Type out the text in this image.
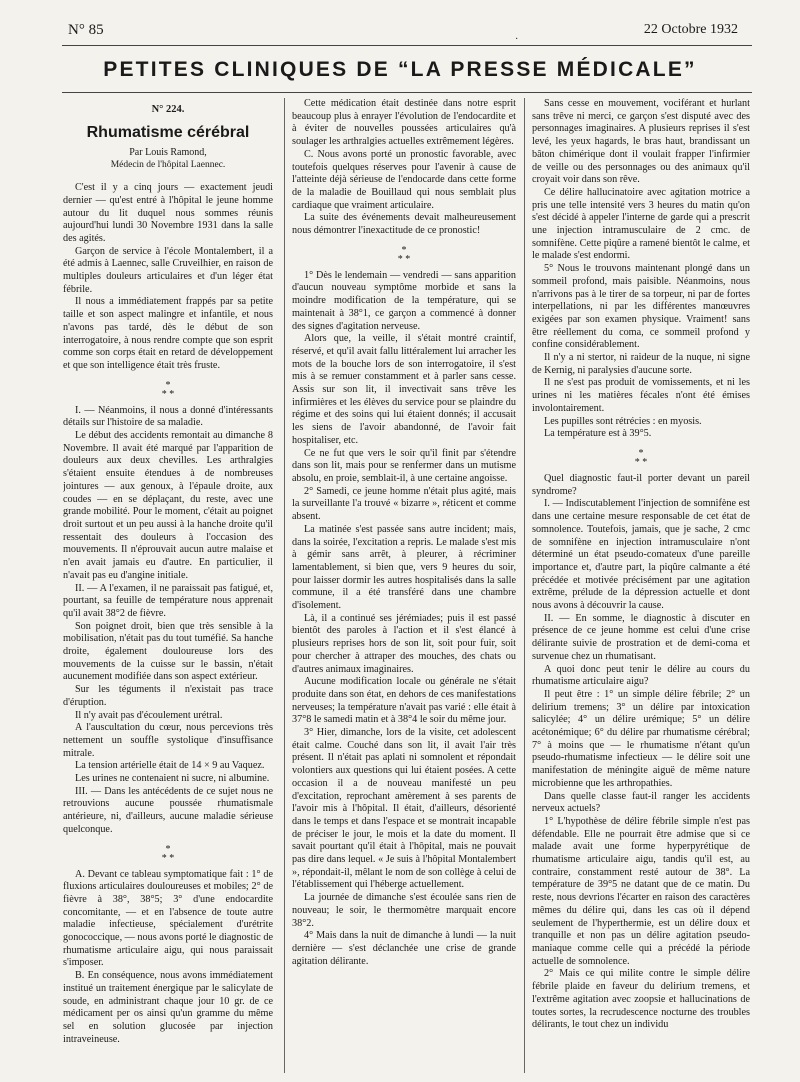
N° 85
·
22 Octobre 1932
PETITES CLINIQUES DE “LA PRESSE MÉDICALE”
N° 224.
Rhumatisme cérébral
Par Louis Ramond,
Médecin de l'hôpital Laennec.

C'est il y a cinq jours — exactement jeudi dernier — qu'est entré à l'hôpital le jeune homme autour du lit duquel nous sommes réunis aujourd'hui lundi 30 Novembre 1931 dans la salle des agités.

Garçon de service à l'école Montalembert, il a été admis à Laennec, salle Cruveilhier, en raison de multiples douleurs articulaires et d'un léger état fébrile.

Il nous a immédiatement frappés par sa petite taille et son aspect malingre et infantile, et nous n'avons pas tardé, dès le début de son interrogatoire, à nous rendre compte que son esprit comme son corps était en retard de développement et que son intelligence était très fruste.

*
* *

I. — Néanmoins, il nous a donné d'intéressants détails sur l'histoire de sa maladie.

Le début des accidents remontait au dimanche 8 Novembre. Il avait été marqué par l'apparition de douleurs aux deux chevilles. Les arthralgies s'étaient ensuite étendues à de nombreuses jointures — aux genoux, à l'épaule droite, aux coudes — en se déplaçant, du reste, avec une grande mobilité. Pour le moment, c'était au poignet droit surtout et un peu aussi à la hanche droite qu'il ressentait des douleurs à l'occasion des mouvements. Il n'éprouvait aucun autre malaise et n'en avait jamais eu d'autre. En particulier, il n'avait pas eu d'angine initiale.

II. — A l'examen, il ne paraissait pas fatigué, et, pourtant, sa feuille de température nous apprenait qu'il avait 38°2 de fièvre.

Son poignet droit, bien que très sensible à la mobilisation, n'était pas du tout tuméfié. Sa hanche droite, également douloureuse lors des mouvements de la cuisse sur le bassin, n'était aucunement modifiée dans son aspect extérieur.

Sur les téguments il n'existait pas trace d'éruption.

Il n'y avait pas d'écoulement urétral.

A l'auscultation du cœur, nous percevions très nettement un souffle systolique d'insuffisance mitrale.

La tension artérielle était de 14 × 9 au Vaquez.

Les urines ne contenaient ni sucre, ni albumine.

III. — Dans les antécédents de ce sujet nous ne retrouvions aucune poussée rhumatismale antérieure, ni, d'ailleurs, aucune maladie sérieuse quelconque.

*
* *

A. Devant ce tableau symptomatique fait : 1° de fluxions articulaires douloureuses et mobiles; 2° de fièvre à 38°, 38°5; 3° d'une endocardite concomitante, — et en l'absence de toute autre maladie infectieuse, spécialement d'urétrite gonococcique, — nous avons porté le diagnostic de rhumatisme articulaire aigu, qui nous paraissait s'imposer.

B. En conséquence, nous avons immédiatement institué un traitement énergique par le salicylate de soude, en administrant chaque jour 10 gr. de ce médicament per os ainsi qu'un gramme du même sel en solution glucosée par injection intraveineuse.

Cette médication était destinée dans notre esprit beaucoup plus à enrayer l'évolution de l'endocardite et à éviter de nouvelles poussées articulaires qu'à soulager les arthralgies actuelles extrêmement légères.

C. Nous avons porté un pronostic favorable, avec toutefois quelques réserves pour l'avenir à cause de l'atteinte déjà sérieuse de l'endocarde dans cette forme de la maladie de Bouillaud qui nous semblait plus cardiaque que vraiment articulaire.

La suite des événements devait malheureusement nous démontrer l'inexactitude de ce pronostic!

*
* *

1° Dès le lendemain — vendredi — sans apparition d'aucun nouveau symptôme morbide et sans la moindre modification de la température, qui se maintenait à 38°1, ce garçon a commencé à donner des signes d'agitation nerveuse.

Alors que, la veille, il s'était montré craintif, réservé, et qu'il avait fallu littéralement lui arracher les mots de la bouche lors de son interrogatoire, il s'est mis à se remuer constamment et à parler sans cesse. Assis sur son lit, il invectivait sans trêve les infirmières et les élèves du service pour se plaindre du régime et des soins qui lui étaient donnés; il accusait les siens de l'avoir abandonné, de l'avoir fait hospitaliser, etc.

Ce ne fut que vers le soir qu'il finit par s'étendre dans son lit, mais pour se renfermer dans un mutisme absolu, en proie, semblait-il, à une certaine angoisse.

2° Samedi, ce jeune homme n'était plus agité, mais la surveillante l'a trouvé « bizarre », réticent et comme absent.

La matinée s'est passée sans autre incident; mais, dans la soirée, l'excitation a repris. Le malade s'est mis à gémir sans arrêt, à pleurer, à récriminer lamentablement, si bien que, vers 9 heures du soir, pour laisser dormir les autres hospitalisés dans la salle commune, il a été transféré dans une chambre d'isolement.

Là, il a continué ses jérémiades; puis il est passé bientôt des paroles à l'action et il s'est élancé à plusieurs reprises hors de son lit, soit pour fuir, soit pour chercher à attraper des mouches, des chats ou d'autres animaux imaginaires.

Aucune modification locale ou générale ne s'était produite dans son état, en dehors de ces manifestations nerveuses; la température n'avait pas varié : elle était à 37°8 le samedi matin et à 38°4 le soir du même jour.

3° Hier, dimanche, lors de la visite, cet adolescent était calme. Couché dans son lit, il avait l'air très présent. Il n'était pas aplati ni somnolent et répondait volontiers aux questions qui lui étaient posées. A cette occasion il a de nouveau manifesté un peu d'excitation, reprochant amèrement à ses parents de l'avoir mis à l'hôpital. Il était, d'ailleurs, désorienté dans le temps et dans l'espace et se montrait incapable de préciser le jour, le mois et la date du moment. Il savait pourtant qu'il était à l'hôpital, mais ne pouvait pas dire dans lequel. « Je suis à l'hôpital Montalembert », répondait-il, mêlant le nom de son collège à celui de l'établissement qui l'héberge actuellement.

La journée de dimanche s'est écoulée sans rien de nouveau; le soir, le thermomètre marquait encore 38°2.

4° Mais dans la nuit de dimanche à lundi — la nuit dernière — s'est déclanchée une crise de grande agitation délirante.

Sans cesse en mouvement, vociférant et hurlant sans trêve ni merci, ce garçon s'est disputé avec des personnages imaginaires. A plusieurs reprises il s'est levé, les yeux hagards, le bras haut, brandissant un bâton chimérique dont il voulait frapper l'infirmier de veille ou des personnages ou des animaux qu'il croyait voir dans son rêve.

Ce délire hallucinatoire avec agitation motrice a pris une telle intensité vers 3 heures du matin qu'on s'est décidé à appeler l'interne de garde qui a prescrit une injection intramusculaire de 2 cmc. de somnifène. Cette piqûre a ramené bientôt le calme, et le malade s'est endormi.

5° Nous le trouvons maintenant plongé dans un sommeil profond, mais paisible. Néanmoins, nous n'arrivons pas à le tirer de sa torpeur, ni par de fortes interpellations, ni par les différentes manœuvres exigées par son examen physique. Vraiment! sans être réellement du coma, ce sommeil profond y confine considérablement.

Il n'y a ni stertor, ni raideur de la nuque, ni signe de Kernig, ni paralysies d'aucune sorte.

Il ne s'est pas produit de vomissements, et ni les urines ni les matières fécales n'ont été émises involontairement.

Les pupilles sont rétrécies : en myosis.

La température est à 39°5.

*
* *

Quel diagnostic faut-il porter devant un pareil syndrome?

I. — Indiscutablement l'injection de somnifène est dans une certaine mesure responsable de cet état de somnolence. Toutefois, jamais, que je sache, 2 cmc de somnifène en injection intramusculaire n'ont déterminé un état pseudo-comateux d'une pareille importance et, d'autre part, la piqûre calmante a été précédée et motivée précisément par une agitation extrême, prélude de la dépression actuelle et dont nous avons à découvrir la cause.

II. — En somme, le diagnostic à discuter en présence de ce jeune homme est celui d'une crise délirante suivie de prostration et de demi-coma et survenue chez un rhumatisant.

A quoi donc peut tenir le délire au cours du rhumatisme articulaire aigu?

Il peut être : 1° un simple délire fébrile; 2° un delirium tremens; 3° un délire par intoxication salicylée; 4° un délire urémique; 5° un délire acétonémique; 6° du délire par rhumatisme cérébral; 7° à moins que — le rhumatisme n'étant qu'un pseudo-rhumatisme infectieux — le délire soit une manifestation de méningite aiguë de même nature microbienne que les arthropathies.

Dans quelle classe faut-il ranger les accidents nerveux actuels?

1° L'hypothèse de délire fébrile simple n'est pas défendable. Elle ne pourrait être admise que si ce malade avait une forme hyperpyrétique de rhumatisme articulaire aigu, tandis qu'il est, au contraire, constamment resté autour de 38°. La température de 39°5 ne datant que de ce matin. Du reste, nous devrions l'écarter en raison des caractères mêmes du délire qui, dans les cas où il dépend seulement de l'hyperthermie, est un délire doux et tranquille et non pas un délire agitation pseudo-maniaque comme celle qui a précédé la période actuelle de somnolence.

2° Mais ce qui milite contre le simple délire fébrile plaide en faveur du delirium tremens, et l'extrême agitation avec zoopsie et hallucinations de toutes sortes, la recrudescence nocturne des troubles délirants, le tout chez un individu
